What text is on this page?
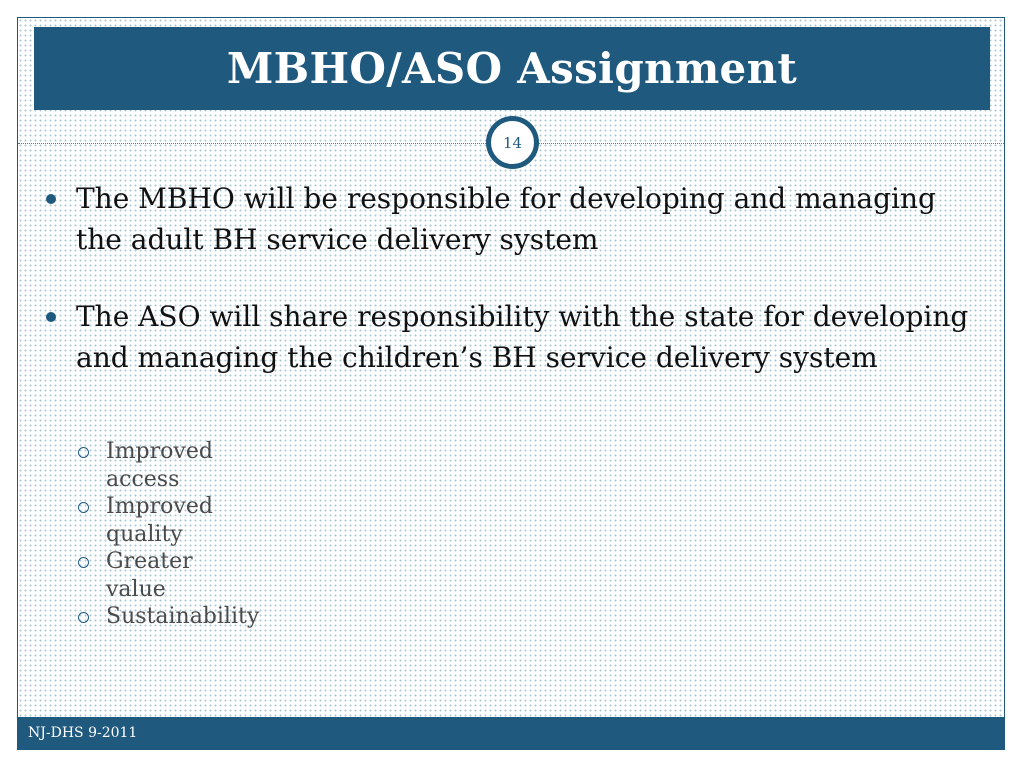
MBHO/ASO Assignment
14
The MBHO will be responsible for developing and managing the adult BH service delivery system
The ASO will share responsibility with the state for developing and managing the children’s BH service delivery system
Improved access
Improved quality
Greater value
Sustainability
NJ-DHS 9-2011
